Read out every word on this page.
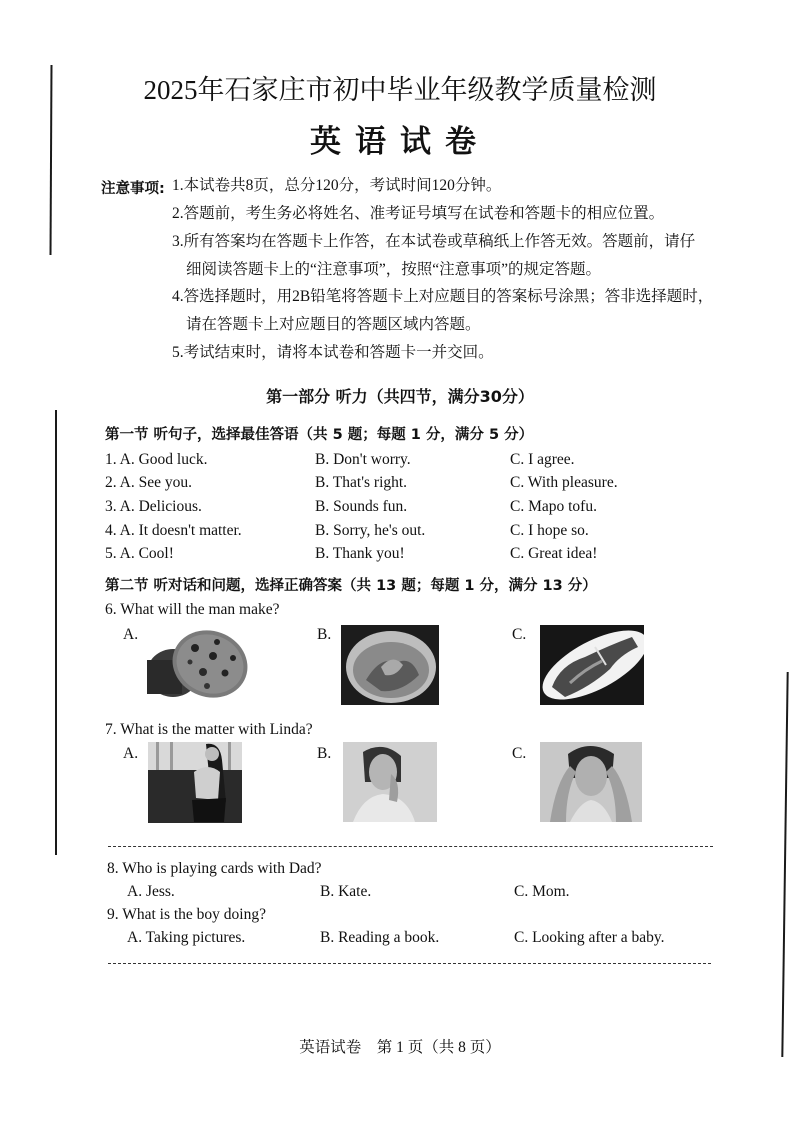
2025年石家庄市初中毕业年级教学质量检测
英语试卷
注意事项: 1.本试卷共8页，总分120分，考试时间120分钟。
2.答题前，考生务必将姓名、准考证号填写在试卷和答题卡的相应位置。
3.所有答案均在答题卡上作答，在本试卷或草稿纸上作答无效。答题前，请仔
细阅读答题卡上的“注意事项”，按照“注意事项”的规定答题。
4.答选择题时，用2B铅笔将答题卡上对应题目的答案标号涂黑；答非选择题时，
请在答题卡上对应题目的答题区域内答题。
5.考试结束时，请将本试卷和答题卡一并交回。
第一部分 听力（共四节，满分30分）
第一节 听句子，选择最佳答语（共 5 题；每题 1 分，满分 5 分）
1. A. Good luck.	B. Don't worry.	C. I agree.
2. A. See you.	B. That's right.	C. With pleasure.
3. A. Delicious.	B. Sounds fun.	C. Mapo tofu.
4. A. It doesn't matter.	B. Sorry, he's out.	C. I hope so.
5. A. Cool!	B. Thank you!	C. Great idea!
第二节 听对话和问题，选择正确答案（共 13 题；每题 1 分，满分 13 分）
6. What will the man make?
A.	B.	C.
7. What is the matter with Linda?
A.	B.	C.
8. Who is playing cards with Dad?
A. Jess.	B. Kate.	C. Mom.
9. What is the boy doing?
A. Taking pictures.	B. Reading a book.	C. Looking after a baby.
英语试卷　第 1 页（共 8 页）
